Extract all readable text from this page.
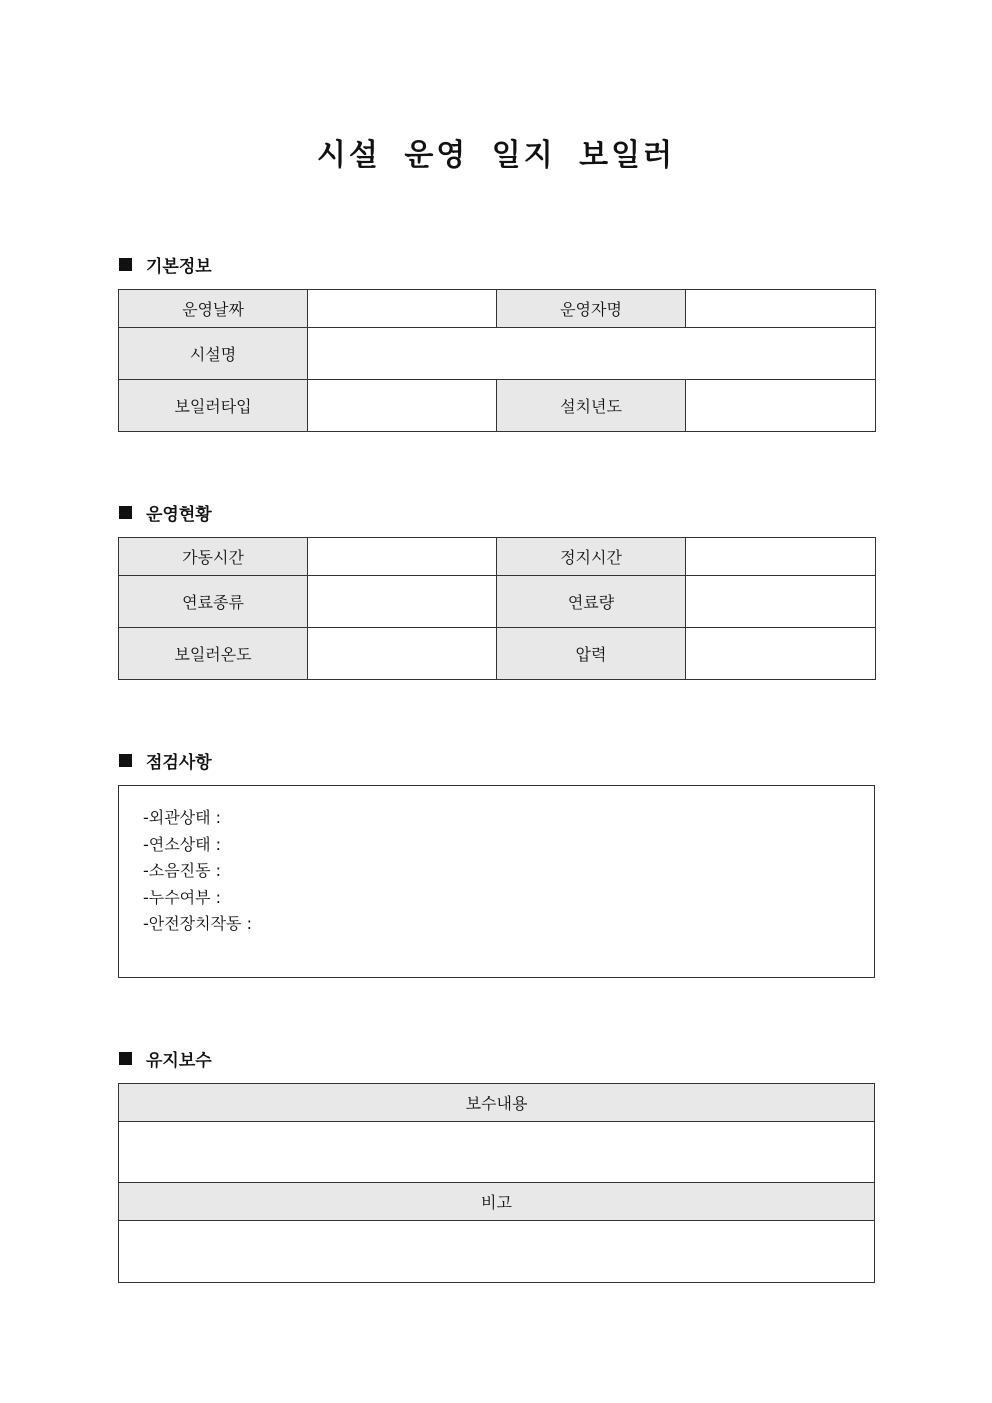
시설 운영 일지 보일러
기본정보
운영날짜		운영자명	
시설명			
보일러타입		설치년도	
운영현황
가동시간		정지시간	
연료종류		연료량	
보일러온도		압력	
점검사항
-외관상태 :
-연소상태 :
-소음진동 :
-누수여부 :
-안전장치작동 :
유지보수
보수내용

비고
